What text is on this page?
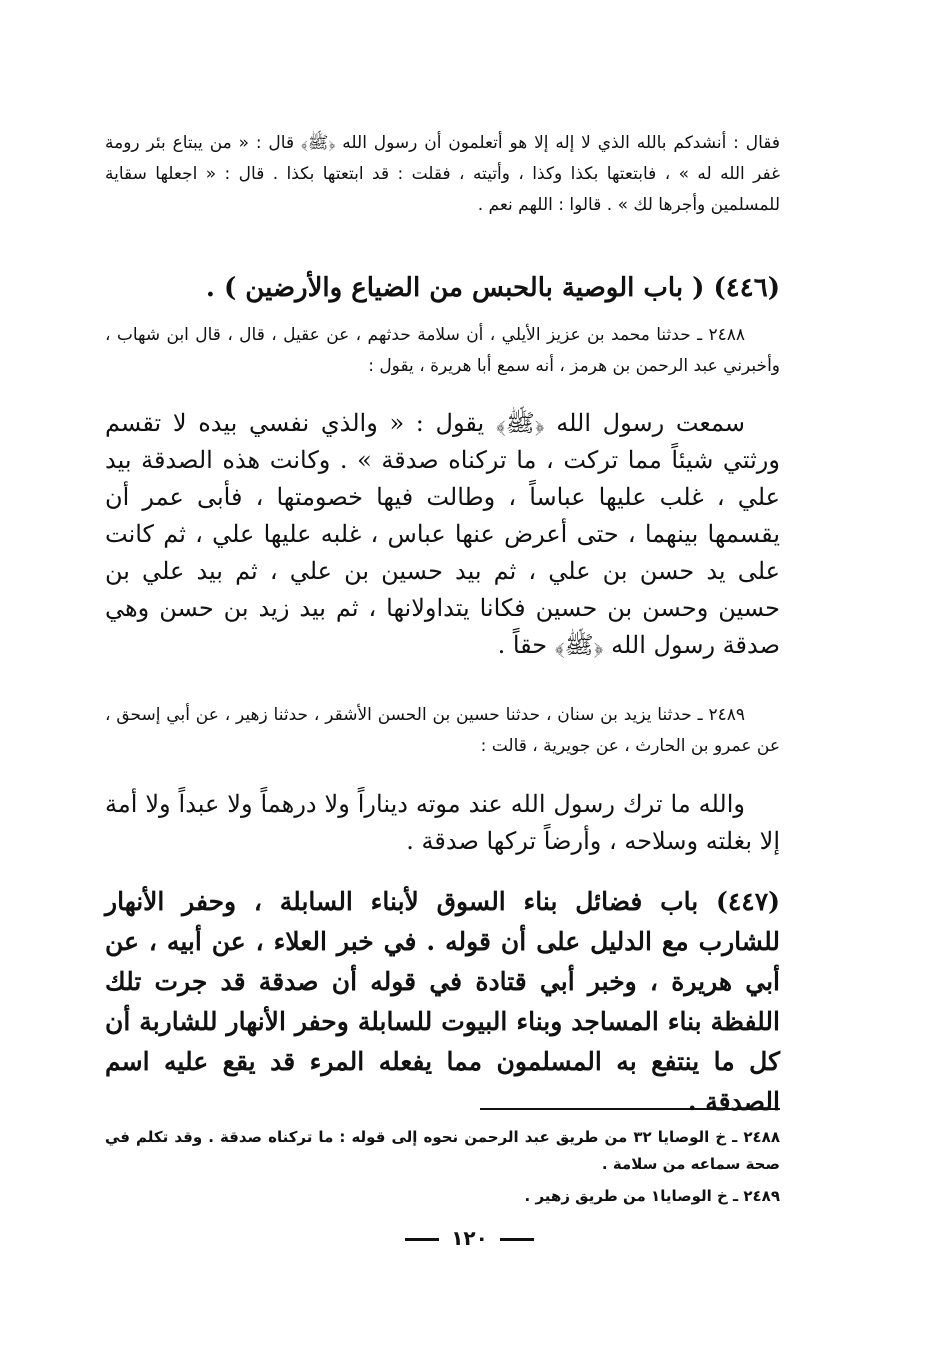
فقال : أنشدكم بالله الذي لا إله إلا هو أتعلمون أن رسول الله ﴿ﷺ﴾ قال : « من يبتاع بئر رومة غفر الله له » ، فابتعتها بكذا وكذا ، وأتيته ، فقلت : قد ابتعتها بكذا . قال : « اجعلها سقاية للمسلمين وأجرها لك » . قالوا : اللهم نعم .

(٤٤٦) ( باب الوصية بالحبس من الضياع والأرضين ) .

٢٤٨٨ ـ حدثنا محمد بن عزيز الأيلي ، أن سلامة حدثهم ، عن عقيل ، قال ، قال ابن شهاب ، وأخبرني عبد الرحمن بن هرمز ، أنه سمع أبا هريرة ، يقول :

سمعت رسول الله ﴿ﷺ﴾ يقول : « والذي نفسي بيده لا تقسم ورثتي شيئاً مما تركت ، ما تركناه صدقة » . وكانت هذه الصدقة بيد علي ، غلب عليها عباساً ، وطالت فيها خصومتها ، فأبى عمر أن يقسمها بينهما ، حتى أعرض عنها عباس ، غلبه عليها علي ، ثم كانت على يد حسن بن علي ، ثم بيد حسين بن علي ، ثم بيد علي بن حسين وحسن بن حسين فكانا يتداولانها ، ثم بيد زيد بن حسن وهي صدقة رسول الله ﴿ﷺ﴾ حقاً .

٢٤٨٩ ـ حدثنا يزيد بن سنان ، حدثنا حسين بن الحسن الأشقر ، حدثنا زهير ، عن أبي إسحق ، عن عمرو بن الحارث ، عن جويرية ، قالت :

والله ما ترك رسول الله عند موته ديناراً ولا درهماً ولا عبداً ولا أمة إلا بغلته وسلاحه ، وأرضاً تركها صدقة .

(٤٤٧) باب فضائل بناء السوق لأبناء السابلة ، وحفر الأنهار للشارب مع الدليل على أن قوله . في خبر العلاء ، عن أبيه ، عن أبي هريرة ، وخبر أبي قتادة في قوله أن صدقة قد جرت تلك اللفظة بناء المساجد وبناء البيوت للسابلة وحفر الأنهار للشاربة أن كل ما ينتفع به المسلمون مما يفعله المرء قد يقع عليه اسم الصدقة .

٢٤٨٨ ـ خ الوصايا ٣٢ من طريق عبد الرحمن نحوه إلى قوله : ما تركناه صدقة . وقد تكلم في صحة سماعه من سلامة .

٢٤٨٩ ـ خ الوصايا١ من طريق زهير .

١٢٠
